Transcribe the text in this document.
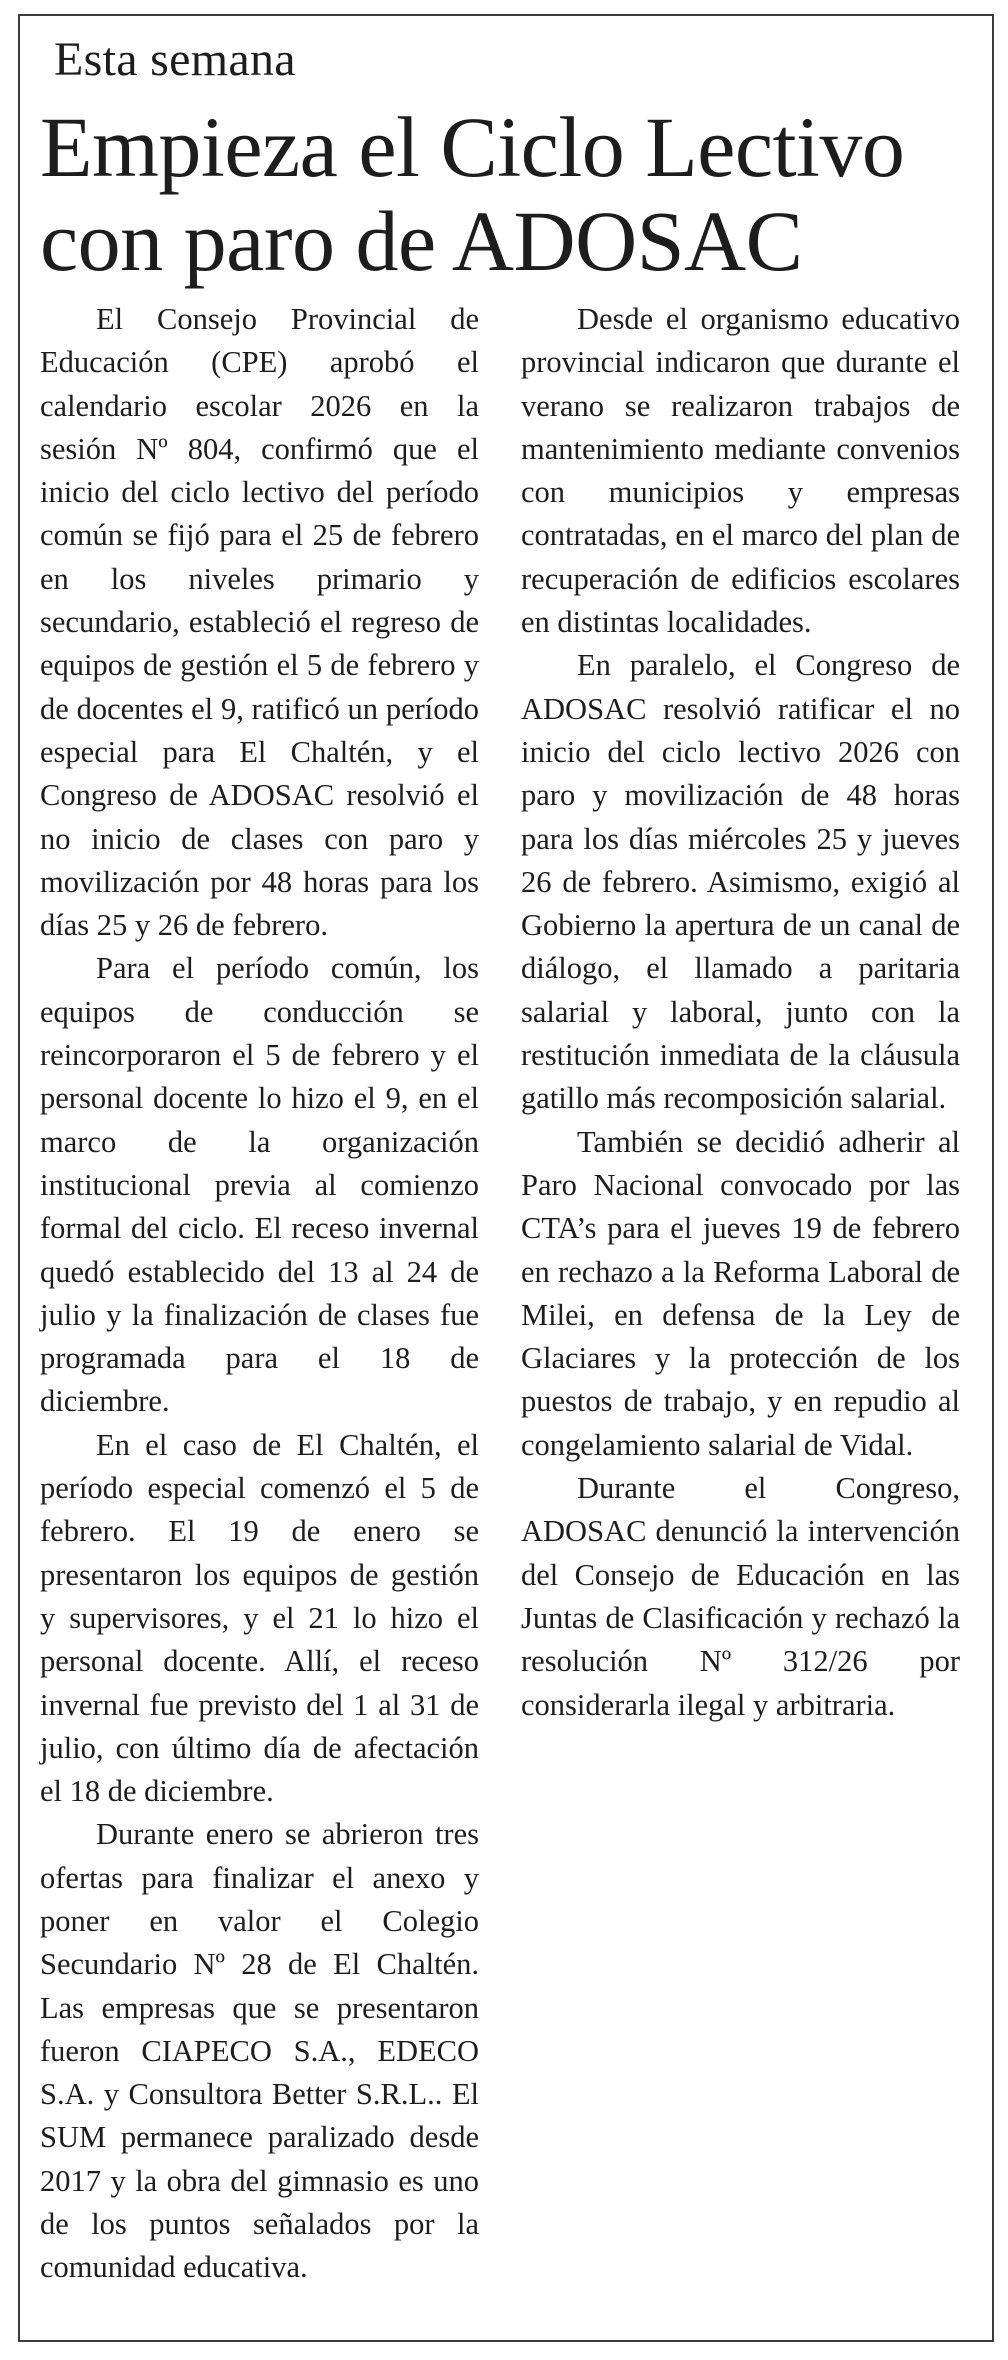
Esta semana
Empieza el Ciclo Lectivo con paro de ADOSAC

El Consejo Provincial de Educación (CPE) aprobó el calendario escolar 2026 en la sesión Nº 804, confirmó que el inicio del ciclo lectivo del período común se fijó para el 25 de febrero en los niveles primario y secundario, estableció el regreso de equipos de gestión el 5 de febrero y de docentes el 9, ratificó un período especial para El Chaltén, y el Congreso de ADOSAC resolvió el no inicio de clases con paro y movilización por 48 horas para los días 25 y 26 de febrero.

Para el período común, los equipos de conducción se reincorporaron el 5 de febrero y el personal docente lo hizo el 9, en el marco de la organización institucional previa al comienzo formal del ciclo. El receso invernal quedó establecido del 13 al 24 de julio y la finalización de clases fue programada para el 18 de diciembre.

En el caso de El Chaltén, el período especial comenzó el 5 de febrero. El 19 de enero se presentaron los equipos de gestión y supervisores, y el 21 lo hizo el personal docente. Allí, el receso invernal fue previsto del 1 al 31 de julio, con último día de afectación el 18 de diciembre.

Durante enero se abrieron tres ofertas para finalizar el anexo y poner en valor el Colegio Secundario Nº 28 de El Chaltén. Las empresas que se presentaron fueron CIAPECO S.A., EDECO S.A. y Consultora Better S.R.L.. El SUM permanece paralizado desde 2017 y la obra del gimnasio es uno de los puntos señalados por la comunidad educativa.

Desde el organismo educativo provincial indicaron que durante el verano se realizaron trabajos de mantenimiento mediante convenios con municipios y empresas contratadas, en el marco del plan de recuperación de edificios escolares en distintas localidades.

En paralelo, el Congreso de ADOSAC resolvió ratificar el no inicio del ciclo lectivo 2026 con paro y movilización de 48 horas para los días miércoles 25 y jueves 26 de febrero. Asimismo, exigió al Gobierno la apertura de un canal de diálogo, el llamado a paritaria salarial y laboral, junto con la restitución inmediata de la cláusula gatillo más recomposición salarial.

También se decidió adherir al Paro Nacional convocado por las CTA’s para el jueves 19 de febrero en rechazo a la Reforma Laboral de Milei, en defensa de la Ley de Glaciares y la protección de los puestos de trabajo, y en repudio al congelamiento salarial de Vidal.

Durante el Congreso, ADOSAC denunció la intervención del Consejo de Educación en las Juntas de Clasificación y rechazó la resolución Nº 312/26 por considerarla ilegal y arbitraria.
